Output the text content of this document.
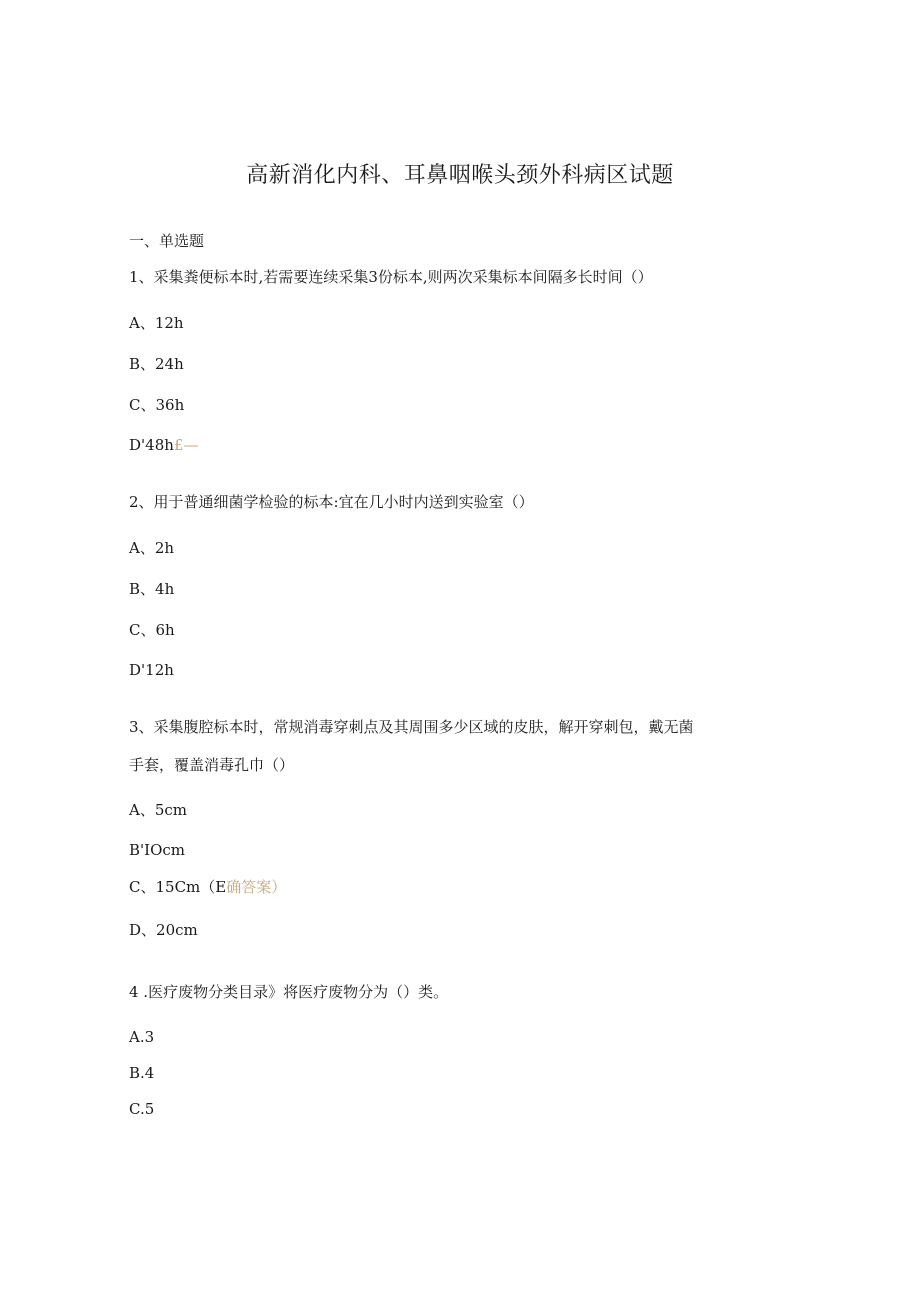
高新消化内科、耳鼻咽喉头颈外科病区试题
一、单选题
1、采集粪便标本时,若需要连续采集3份标本,则两次采集标本间隔多长时间（）
A、12h
B、24h
C、36h
D'48h£—
2、用于普通细菌学检验的标本:宜在几小时内送到实验室（）
A、2h
B、4h
C、6h
D'12h
3、采集腹腔标本时，常规消毒穿刺点及其周围多少区域的皮肤，解开穿刺包，戴无菌
手套，覆盖消毒孔巾（）
A、5cm
B'IOcm
C、15Cm（E确答案）
D、20cm
4 .医疗废物分类目录》将医疗废物分为（）类。
A.3
B.4
C.5
